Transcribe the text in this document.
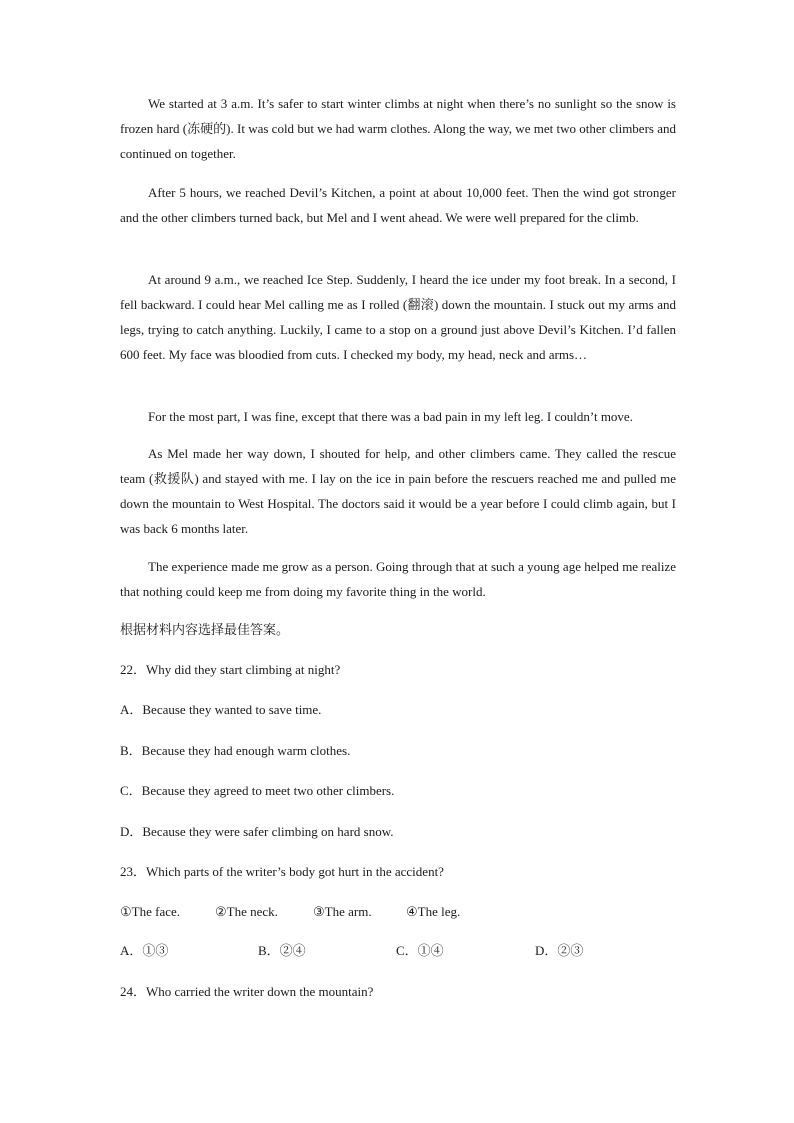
We started at 3 a.m. It’s safer to start winter climbs at night when there’s no sunlight so the snow is frozen hard (冻硬的). It was cold but we had warm clothes. Along the way, we met two other climbers and continued on together.

After 5 hours, we reached Devil’s Kitchen, a point at about 10,000 feet. Then the wind got stronger and the other climbers turned back, but Mel and I went ahead. We were well prepared for the climb.

At around 9 a.m., we reached Ice Step. Suddenly, I heard the ice under my foot break. In a second, I fell backward. I could hear Mel calling me as I rolled (翻滚) down the mountain. I stuck out my arms and legs, trying to catch anything. Luckily, I came to a stop on a ground just above Devil’s Kitchen. I’d fallen 600 feet. My face was bloodied from cuts. I checked my body, my head, neck and arms…

For the most part, I was fine, except that there was a bad pain in my left leg. I couldn’t move.

As Mel made her way down, I shouted for help, and other climbers came. They called the rescue team (救援队) and stayed with me. I lay on the ice in pain before the rescuers reached me and pulled me down the mountain to West Hospital. The doctors said it would be a year before I could climb again, but I was back 6 months later.

The experience made me grow as a person. Going through that at such a young age helped me realize that nothing could keep me from doing my favorite thing in the world.

根据材料内容选择最佳答案。

22．Why did they start climbing at night?

A．Because they wanted to save time.

B．Because they had enough warm clothes.

C．Because they agreed to meet two other climbers.

D．Because they were safer climbing on hard snow.

23．Which parts of the writer’s body got hurt in the accident?

①The face.	②The neck.	③The arm.	④The leg.
A．①③	B．②④	C．①④	D．②③

24．Who carried the writer down the mountain?
